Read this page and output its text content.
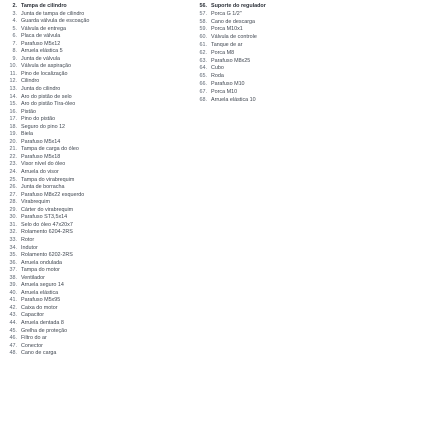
2. Tampa de cilindro
3. Junta de tampa de cilindro
4. Guarda válvula de escoação
5. Válvula de entrega
6. Placa de válvula
7. Parafuso M5x12
8. Arruela elástica 5
9. Junta de válvula
10. Válvula de aspiração
11. Pino de localização
12. Cilindro
13. Junta do cilindro
14. Aro do pistão de selo
15. Aro do pistão Tira-óleo
16. Pistão
17. Pino do pistão
18. Seguro do pino 12
19. Biela
20. Parafuso M5x14
21. Tampa de carga do óleo
22. Parafuso M5x18
23. Visor nível do óleo
24. Arruela do visor
25. Tampa do virabrequim
26. Junta de borracha
27. Parafuso M8x22 esquerdo
28. Virabrequim
29. Cárter do virabrequim
30. Parafuso ST3,5x14
31. Selo do óleo 47x20x7
32. Rolamento 6204-2RS
33. Rotor
34. Indutor
35. Rolamento 6202-2RS
36. Arruela ondulada
37. Tampa do motor
38. Ventilador
39. Arruela seguro 14
40. Arruela elástica
41. Parafuso M5x95
42. Caixa do motor
43. Capacitor
44. Arruela dentada 8
45. Grelha de proteção
46. Filtro do ar
47. Conector
48. Cano de carga
56. Suporte do regulador
57. Porca G 1/2"
58. Cano de descarga
59. Porca M10x1
60. Válvula de controle
61. Tanque de ar
62. Porca M8
63. Parafuso M8x25
64. Cubo
65. Roda
66. Parafuso M10
67. Porca M10
68. Arruela elástica 10
